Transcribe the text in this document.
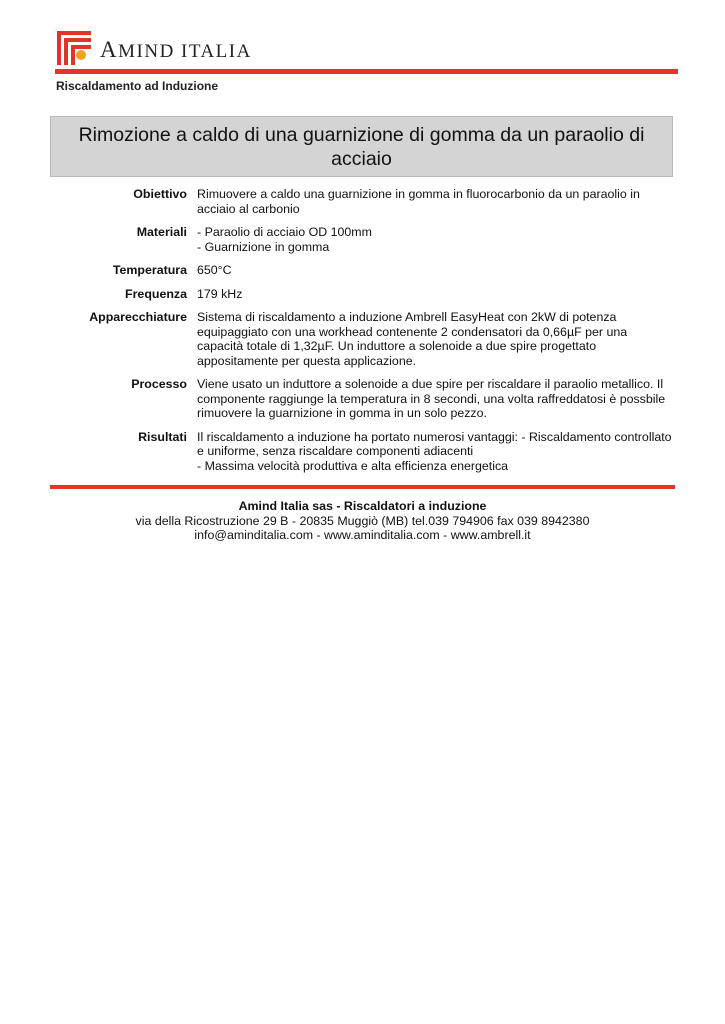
AMIND ITALIA
Riscaldamento ad Induzione
Rimozione a caldo di una guarnizione di gomma da un paraolio di acciaio
Obiettivo Rimuovere a caldo una guarnizione in gomma in fluorocarbonio da un paraolio in acciaio al carbonio
Materiali - Paraolio di acciaio OD 100mm
- Guarnizione in gomma
Temperatura 650°C
Frequenza 179 kHz
Apparecchiature Sistema di riscaldamento a induzione Ambrell EasyHeat con 2kW di potenza equipaggiato con una workhead contenente 2 condensatori da 0,66µF per una capacità totale di 1,32µF. Un induttore a solenoide a due spire progettato appositamente per questa applicazione.
Processo Viene usato un induttore a solenoide a due spire per riscaldare il paraolio metallico. Il componente raggiunge la temperatura in 8 secondi, una volta raffreddatosi è possbile rimuovere la guarnizione in gomma in un solo pezzo.
Risultati Il riscaldamento a induzione ha portato numerosi vantaggi: - Riscaldamento controllato e uniforme, senza riscaldare componenti adiacenti
- Massima velocità produttiva e alta efficienza energetica
Amind Italia sas - Riscaldatori a induzione
via della Ricostruzione 29 B - 20835 Muggiò (MB) tel.039 794906 fax 039 8942380
info@aminditalia.com - www.aminditalia.com - www.ambrell.it
